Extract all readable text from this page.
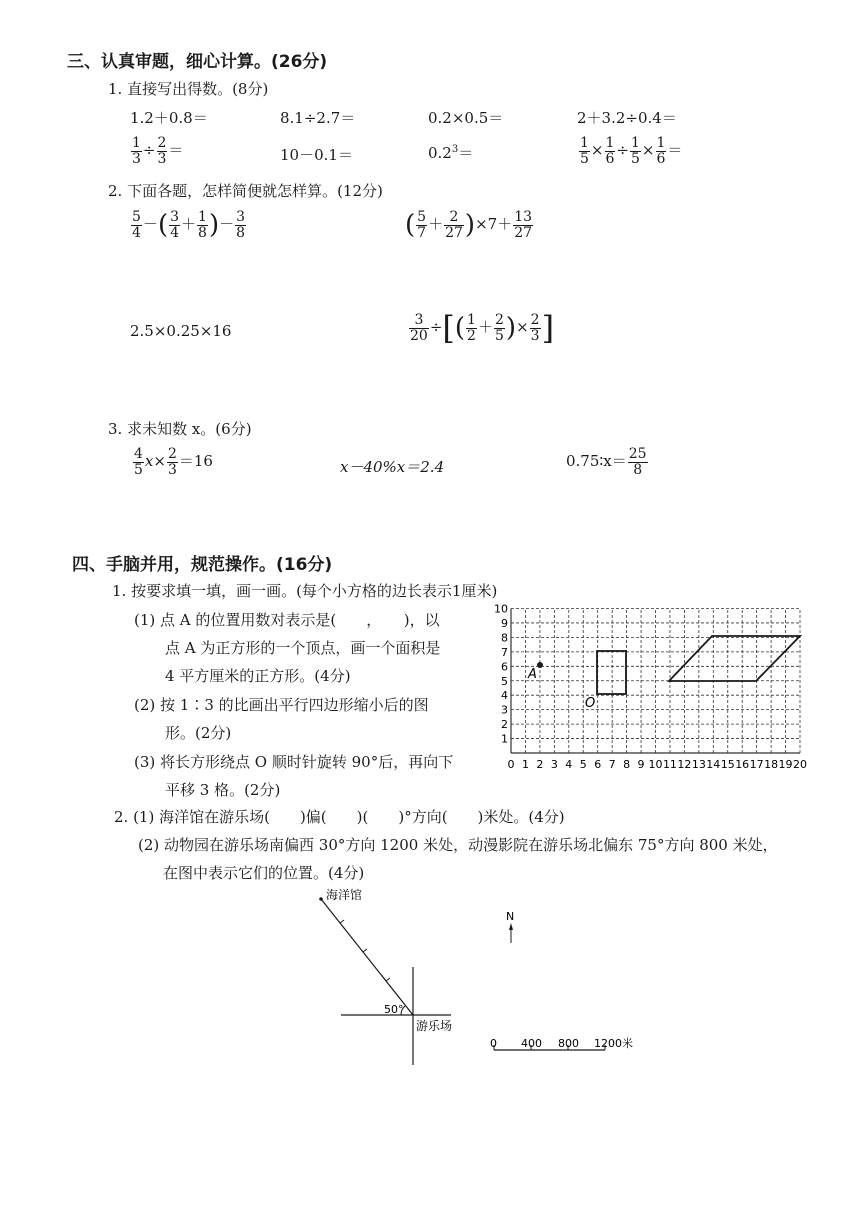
三、认真审题，细心计算。(26分)
1. 直接写出得数。(8分)
1.2＋0.8＝	8.1÷2.7＝	0.2×0.5＝	2＋3.2÷0.4＝
$\frac{1}{3} \div \frac{2}{3}$ ＝	10－0.1＝	$0.2^3=$	$\frac{1}{5} \times \frac{1}{6} \div \frac{1}{5} \times \frac{1}{6}$ ＝
2. 下面各题，怎样简便就怎样算。(12分)
$\frac{5}{4}$ －( $\frac{3}{4} + \frac{1}{8}$ )－ $\frac{3}{8}$	( $\frac{5}{7} + \frac{2}{27} )\times 7+ \frac{13}{27}$
2.5×0.25×16	$\frac{3}{20}$ ÷[( $\frac{1}{2} + \frac{2}{5}$ )× $\frac{2}{3}$ ]
3. 求未知数 x。(6分)
$\frac{4}{5} x\times \frac{2}{3} =16$	x－40%x＝2.4	0.75∶x＝ $\frac{25}{8}$
四、手脑并用，规范操作。(16分)
1. 按要求填一填，画一画。(每个小方格的边长表示1厘米)
(1) 点 A 的位置用数对表示是(　　，　　)，以
点 A 为正方形的一个顶点，画一个面积是
4 平方厘米的正方形。(4分)
(2) 按 1∶3 的比画出平行四边形缩小后的图
形。(2分)
(3) 将长方形绕点 O 顺时针旋转 90°后，再向下
平移 3 格。(2分)
0 1 2 3 4 5 6 7 8 9 10 11 12 13 14 15 16 17 18 19 20
1
2
3
4
5
6
7
8
9
10
A
O
2. (1) 海洋馆在游乐场(　　)偏(　　)(　　)°方向(　　)米处。(4分)
(2) 动物园在游乐场南偏西 30°方向 1200 米处，动漫影院在游乐场北偏东 75°方向 800 米处，
在图中表示它们的位置。(4分)
海洋馆
50°
游乐场
N
0 400 800 1200米
